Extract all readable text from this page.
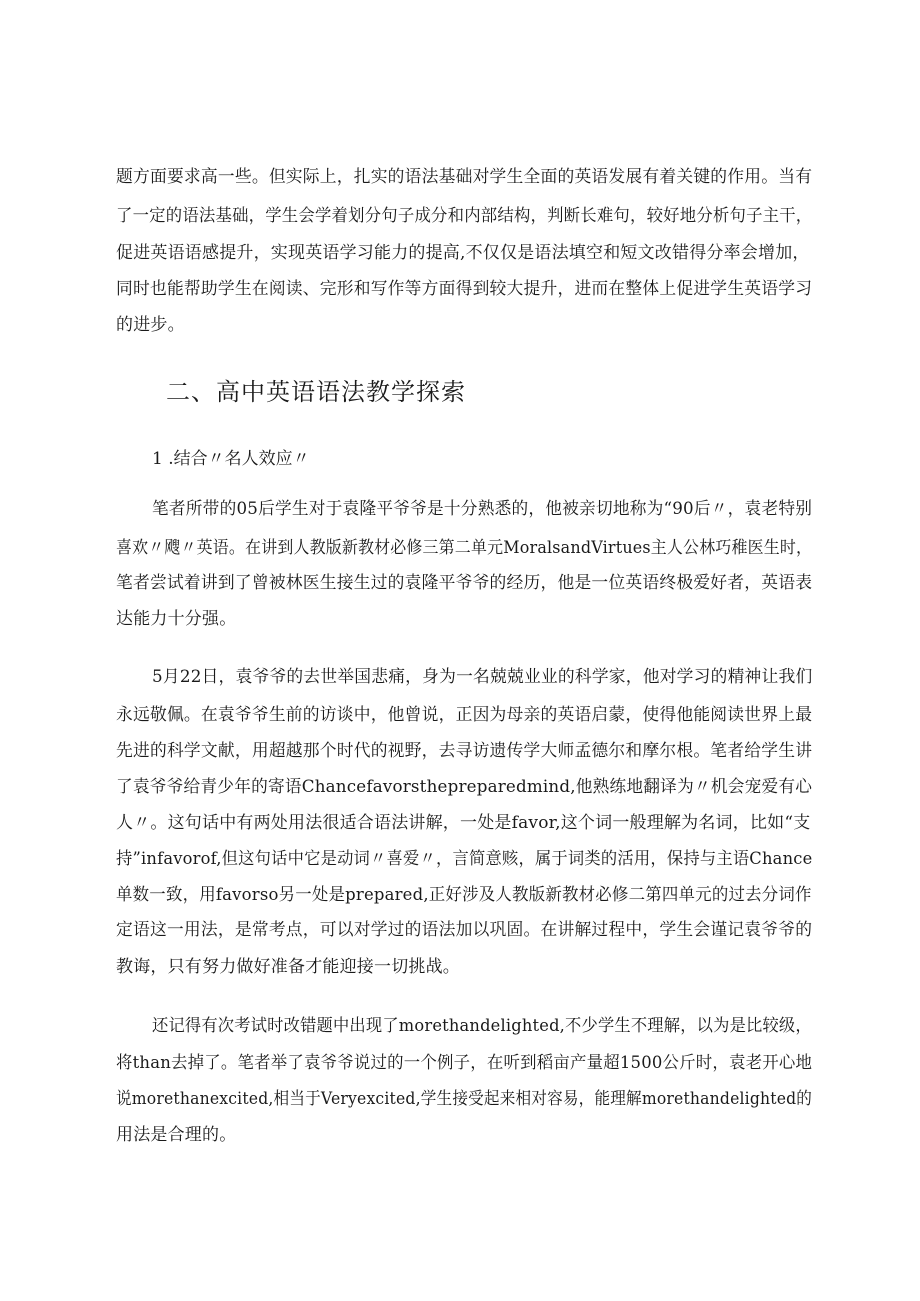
题方面要求高一些。但实际上，扎实的语法基础对学生全面的英语发展有着关键的作用。当有
了一定的语法基础，学生会学着划分句子成分和内部结构，判断长难句，较好地分析句子主干，
促进英语语感提升，实现英语学习能力的提高,不仅仅是语法填空和短文改错得分率会增加，
同时也能帮助学生在阅读、完形和写作等方面得到较大提升，进而在整体上促进学生英语学习
的进步。
二、高中英语语法教学探索
1 .结合〃名人效应〃
笔者所带的05后学生对于袁隆平爷爷是十分熟悉的，他被亲切地称为“90后〃，袁老特别
喜欢〃飕〃英语。在讲到人教版新教材必修三第二单元MoralsandVirtues主人公林巧稚医生时，
笔者尝试着讲到了曾被林医生接生过的袁隆平爷爷的经历，他是一位英语终极爱好者，英语表
达能力十分强。
5月22日，袁爷爷的去世举国悲痛，身为一名兢兢业业的科学家，他对学习的精神让我们
永远敬佩。在袁爷爷生前的访谈中，他曾说，正因为母亲的英语启蒙，使得他能阅读世界上最
先进的科学文献，用超越那个时代的视野，去寻访遗传学大师孟德尔和摩尔根。笔者给学生讲
了袁爷爷给青少年的寄语Chancefavorsthepreparedmind,他熟练地翻译为〃机会宠爱有心
人〃。这句话中有两处用法很适合语法讲解，一处是favor,这个词一般理解为名词，比如“支
持”infavorof,但这句话中它是动词〃喜爱〃，言简意赅，属于词类的活用，保持与主语Chance
单数一致，用favorso另一处是prepared,正好涉及人教版新教材必修二第四单元的过去分词作
定语这一用法，是常考点，可以对学过的语法加以巩固。在讲解过程中，学生会谨记袁爷爷的
教诲，只有努力做好准备才能迎接一切挑战。
还记得有次考试时改错题中出现了morethandelighted,不少学生不理解，以为是比较级，
将than去掉了。笔者举了袁爷爷说过的一个例子，在听到稻亩产量超1500公斤时，袁老开心地
说morethanexcited,相当于Veryexcited,学生接受起来相对容易，能理解morethandelighted的
用法是合理的。
